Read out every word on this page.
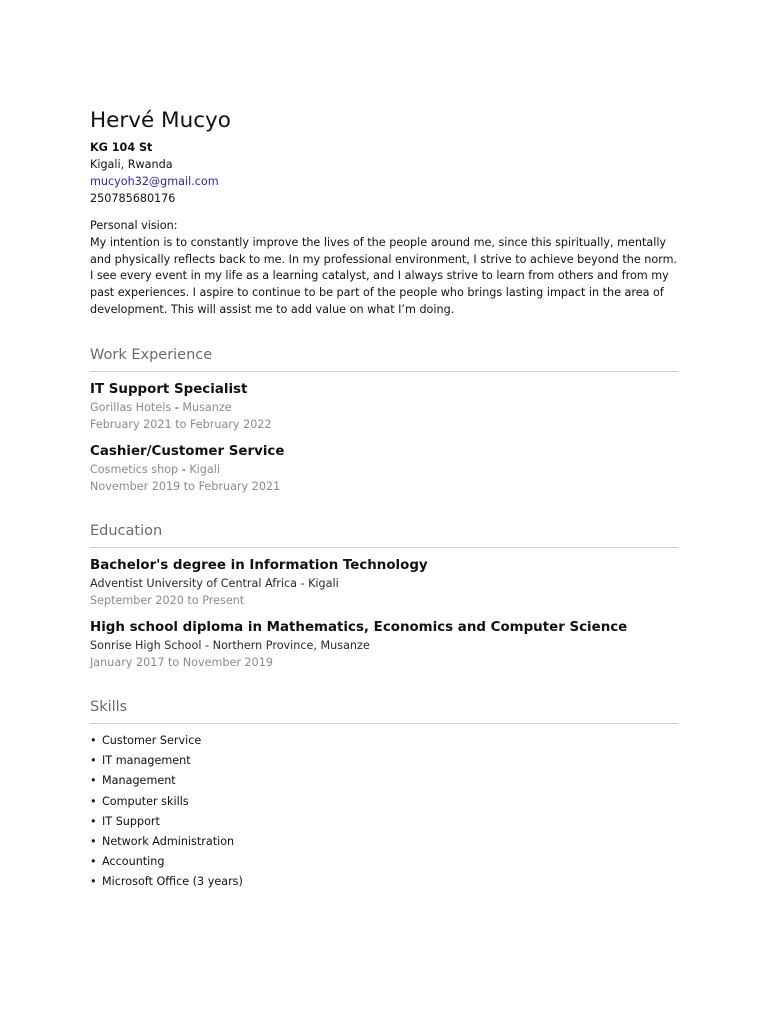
Hervé Mucyo
KG 104 St
Kigali, Rwanda
mucyoh32@gmail.com
250785680176
Personal vision:
My intention is to constantly improve the lives of the people around me, since this spiritually, mentally and physically reflects back to me. In my professional environment, I strive to achieve beyond the norm. I see every event in my life as a learning catalyst, and I always strive to learn from others and from my past experiences. I aspire to continue to be part of the people who brings lasting impact in the area of development. This will assist me to add value on what I’m doing.
Work Experience
IT Support Specialist
Gorillas Hotels - Musanze
February 2021 to February 2022
Cashier/Customer Service
Cosmetics shop - Kigali
November 2019 to February 2021
Education
Bachelor's degree in Information Technology
Adventist University of Central Africa - Kigali
September 2020 to Present
High school diploma in Mathematics, Economics and Computer Science
Sonrise High School - Northern Province, Musanze
January 2017 to November 2019
Skills
• Customer Service
• IT management
• Management
• Computer skills
• IT Support
• Network Administration
• Accounting
• Microsoft Office (3 years)
